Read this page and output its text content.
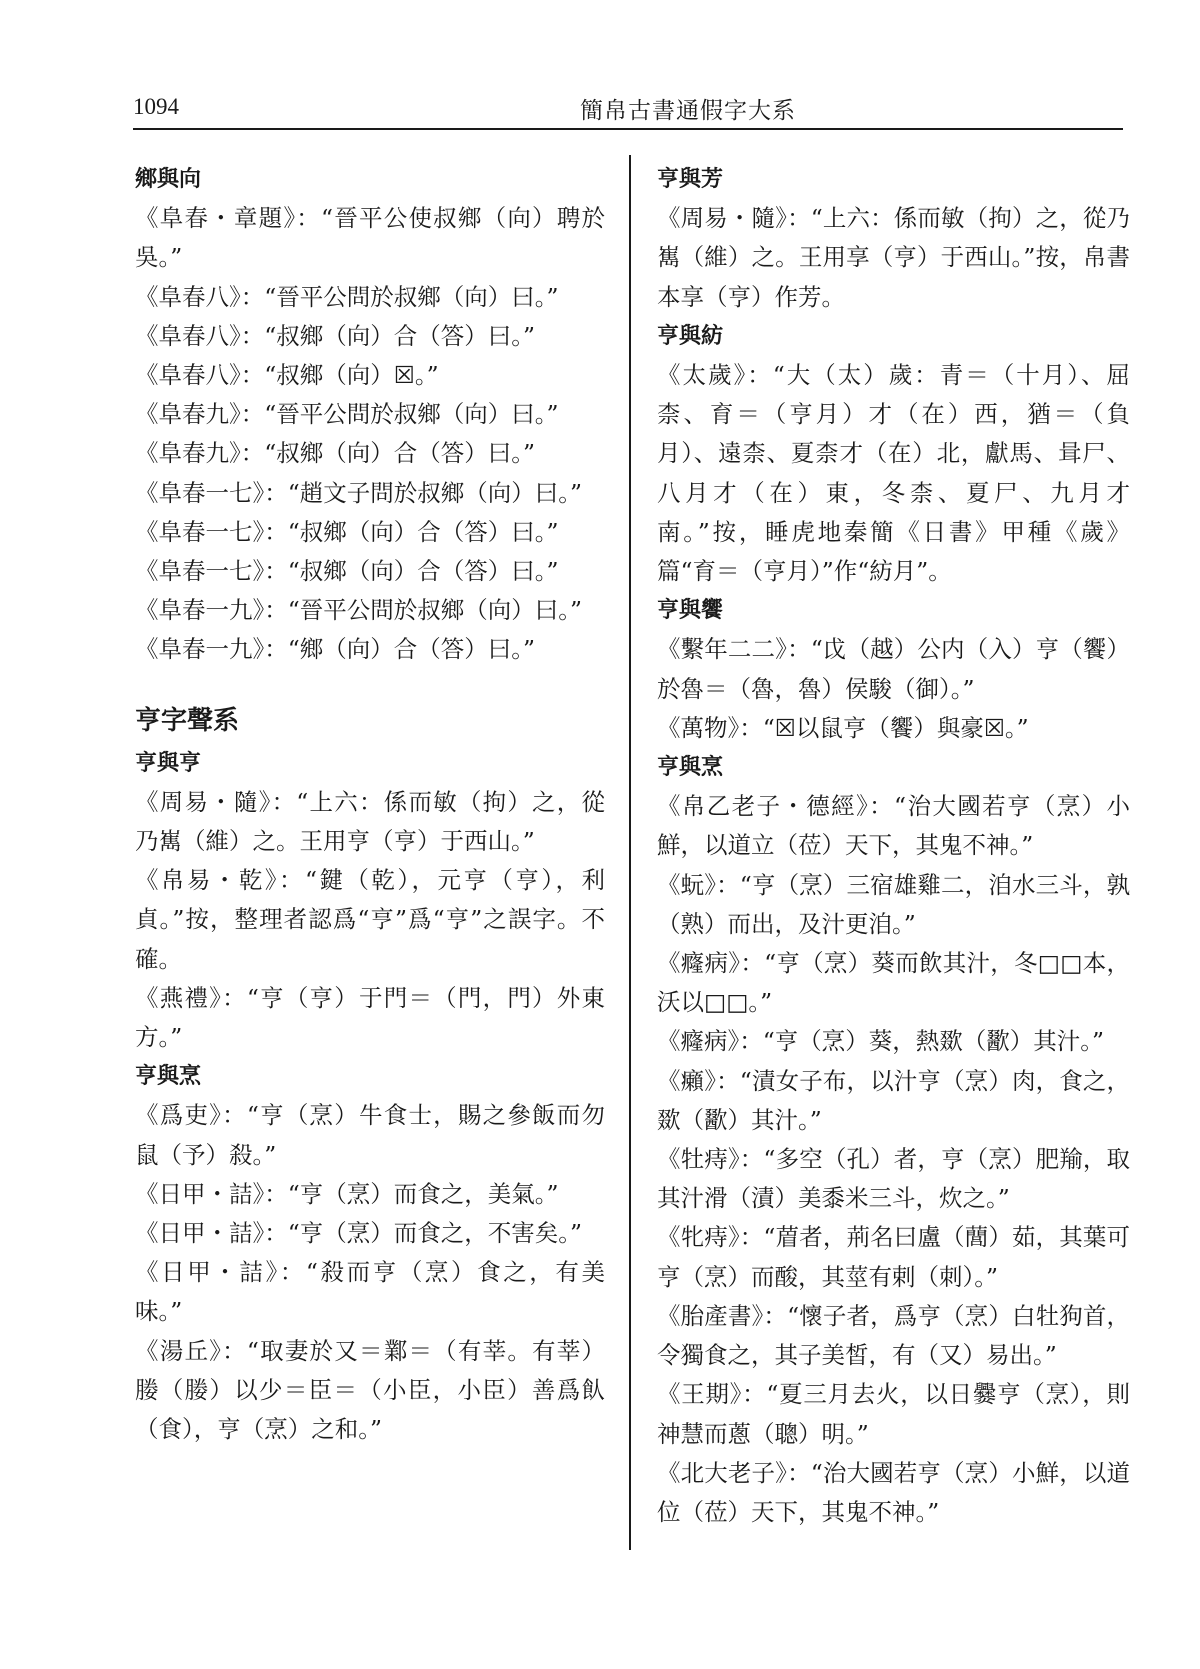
1094	簡帛古書通假字大系
鄉與向
《阜春・章題》：“晉平公使叔鄉（向）聘於吳。”
《阜春八》：“晉平公問於叔鄉（向）曰。”
《阜春八》：“叔鄉（向）合（答）曰。”
《阜春八》：“叔鄉（向）☒。”
《阜春九》：“晉平公問於叔鄉（向）曰。”
《阜春九》：“叔鄉（向）合（答）曰。”
《阜春一七》：“趙文子問於叔鄉（向）曰。”
《阜春一七》：“叔鄉（向）合（答）曰。”
《阜春一七》：“叔鄉（向）合（答）曰。”
《阜春一九》：“晉平公問於叔鄉（向）曰。”
《阜春一九》：“鄉（向）合（答）曰。”
亨字聲系
亨與亨
《周易・隨》：“上六：係而敏（拘）之，從乃嶲（維）之。王用亨（亨）于西山。”
《帛易・乾》：“鍵（乾），元亨（亨），利貞。”按，整理者認爲“亨”爲“亨”之誤字。不確。
《燕禮》：“亨（亨）于門＝（門，門）外東方。”
亨與烹
《爲吏》：“亨（烹）牛食士，賜之參飯而勿鼠（予）殺。”
《日甲・詰》：“亨（烹）而食之，美氣。”
《日甲・詰》：“亨（烹）而食之，不害矣。”
《日甲・詰》：“殺而亨（烹）食之，有美味。”
《湯丘》：“取妻於又＝鄴＝（有莘。有莘）媵（媵）以少＝臣＝（小臣，小臣）善爲飤（食），亨（烹）之和。”
亨與芳
《周易・隨》：“上六：係而敏（拘）之，從乃嶲（維）之。王用享（亨）于西山。”按，帛書本享（亨）作芳。
亨與紡
《太歲》：“大（太）歲：青＝（十月）、屈柰、育＝（亨月）才（在）西，猶＝（負月）、遠柰、夏柰才（在）北，獻馬、咠尸、八月才（在）東，冬柰、夏尸、九月才南。”按，睡虎地秦簡《日書》甲種《歲》篇“育＝（亨月）”作“紡月”。
亨與饗
《繫年二二》：“戉（越）公内（入）亨（饗）於魯＝（魯，魯）侯駿（御）。”
《萬物》：“☒以鼠亨（饗）與豪☒。”
亨與烹
《帛乙老子・德經》：“治大國若亨（烹）小鮮，以道立（莅）天下，其鬼不神。”
《蚖》：“亨（烹）三宿雄雞二，洎水三斗，孰（熟）而出，及汁更洎。”
《癃病》：“亨（烹）葵而飲其汁，冬□□本，沃以□□。”
《癃病》：“亨（烹）葵，熱欼（歠）其汁。”
《癩》：“漬女子布，以汁亨（烹）肉，食之，欼（歠）其汁。”
《牡痔》：“多空（孔）者，亨（烹）肥羭，取其汁滑（漬）美黍米三斗，炊之。”
《牝痔》：“葿者，荊名曰盧（䕡）茹，其葉可亨（烹）而酸，其莖有剌（刺）。”
《胎產書》：“懷子者，爲亨（烹）白牡狗首，令獨食之，其子美皙，有（又）易出。”
《王期》：“夏三月去火，以日爨亨（烹），則神慧而蔥（聰）明。”
《北大老子》：“治大國若亨（烹）小鮮，以道位（莅）天下，其鬼不神。”
